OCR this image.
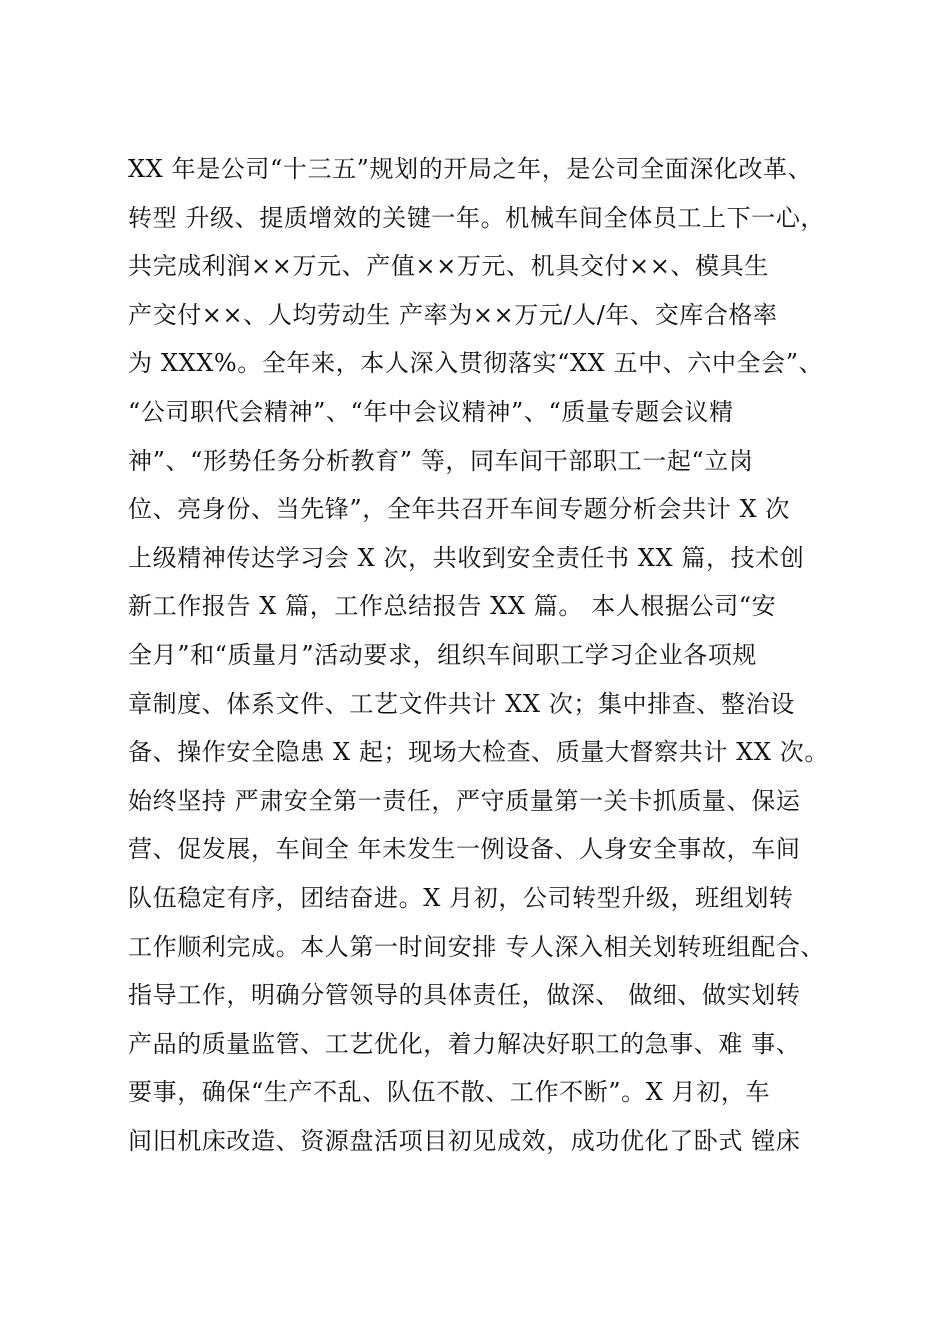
XX 年是公司“十三五”规划的开局之年，是公司全面深化改革、
转型 升级、提质增效的关键一年。机械车间全体员工上下一心，
共完成利润××万元、产值××万元、机具交付××、模具生
产交付××、人均劳动生 产率为××万元/人/年、交库合格率
为 XXX%。全年来，本人深入贯彻落实“XX 五中、六中全会”、
“公司职代会精神”、“年中会议精神”、“质量专题会议精
神”、“形势任务分析教育” 等，同车间干部职工一起“立岗
位、亮身份、当先锋”，全年共召开车间专题分析会共计 X 次
上级精神传达学习会 X 次，共收到安全责任书 XX 篇，技术创
新工作报告 X 篇，工作总结报告 XX 篇。 本人根据公司“安
全月”和“质量月”活动要求，组织车间职工学习企业各项规
章制度、体系文件、工艺文件共计 XX 次；集中排查、整治设
备、操作安全隐患 X 起；现场大检查、质量大督察共计 XX 次。
始终坚持 严肃安全第一责任，严守质量第一关卡抓质量、保运
营、促发展，车间全 年未发生一例设备、人身安全事故，车间
队伍稳定有序，团结奋进。X 月初，公司转型升级，班组划转
工作顺利完成。本人第一时间安排 专人深入相关划转班组配合、
指导工作，明确分管领导的具体责任，做深、 做细、做实划转
产品的质量监管、工艺优化，着力解决好职工的急事、难 事、
要事，确保“生产不乱、队伍不散、工作不断”。X 月初，车
间旧机床改造、资源盘活项目初见成效，成功优化了卧式 镗床
